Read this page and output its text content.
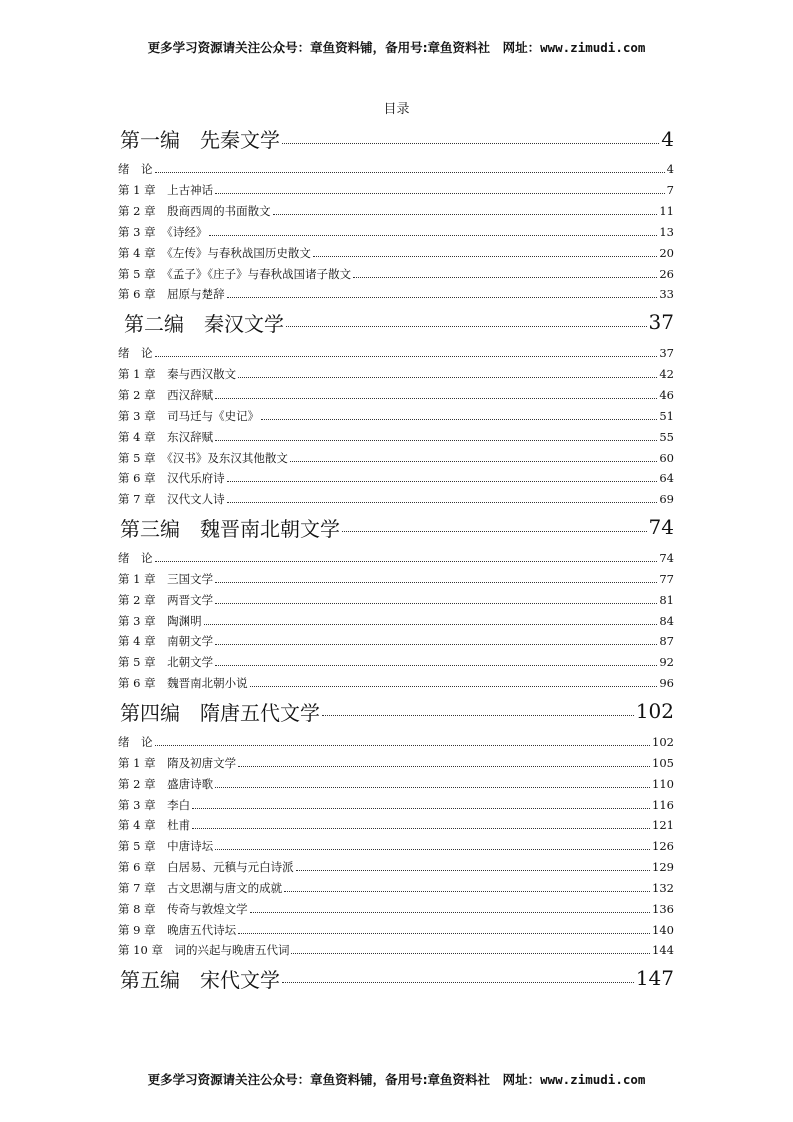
更多学习资源请关注公众号：章鱼资料铺，备用号:章鱼资料社　网址：www.zimudi.com
目录
第一编　先秦文学	4
绪　论	4
第 1 章　上古神话	7
第 2 章　殷商西周的书面散文	11
第 3 章　《诗经》	13
第 4 章　《左传》与春秋战国历史散文	20
第 5 章　《孟子》《庄子》与春秋战国诸子散文	26
第 6 章　屈原与楚辞	33
第二编　秦汉文学	37
绪　论	37
第 1 章　秦与西汉散文	42
第 2 章　西汉辞赋	46
第 3 章　司马迁与《史记》	51
第 4 章　东汉辞赋	55
第 5 章　《汉书》及东汉其他散文	60
第 6 章　汉代乐府诗	64
第 7 章　汉代文人诗	69
第三编　魏晋南北朝文学	74
绪　论	74
第 1 章　三国文学	77
第 2 章　两晋文学	81
第 3 章　陶渊明	84
第 4 章　南朝文学	87
第 5 章　北朝文学	92
第 6 章　魏晋南北朝小说	96
第四编　隋唐五代文学	102
绪　论	102
第 1 章　隋及初唐文学	105
第 2 章　盛唐诗歌	110
第 3 章　李白	116
第 4 章　杜甫	121
第 5 章　中唐诗坛	126
第 6 章　白居易、元稹与元白诗派	129
第 7 章　古文思潮与唐文的成就	132
第 8 章　传奇与敦煌文学	136
第 9 章　晚唐五代诗坛	140
第 10 章　词的兴起与晚唐五代词	144
第五编　宋代文学	147
更多学习资源请关注公众号：章鱼资料铺，备用号:章鱼资料社　网址：www.zimudi.com
